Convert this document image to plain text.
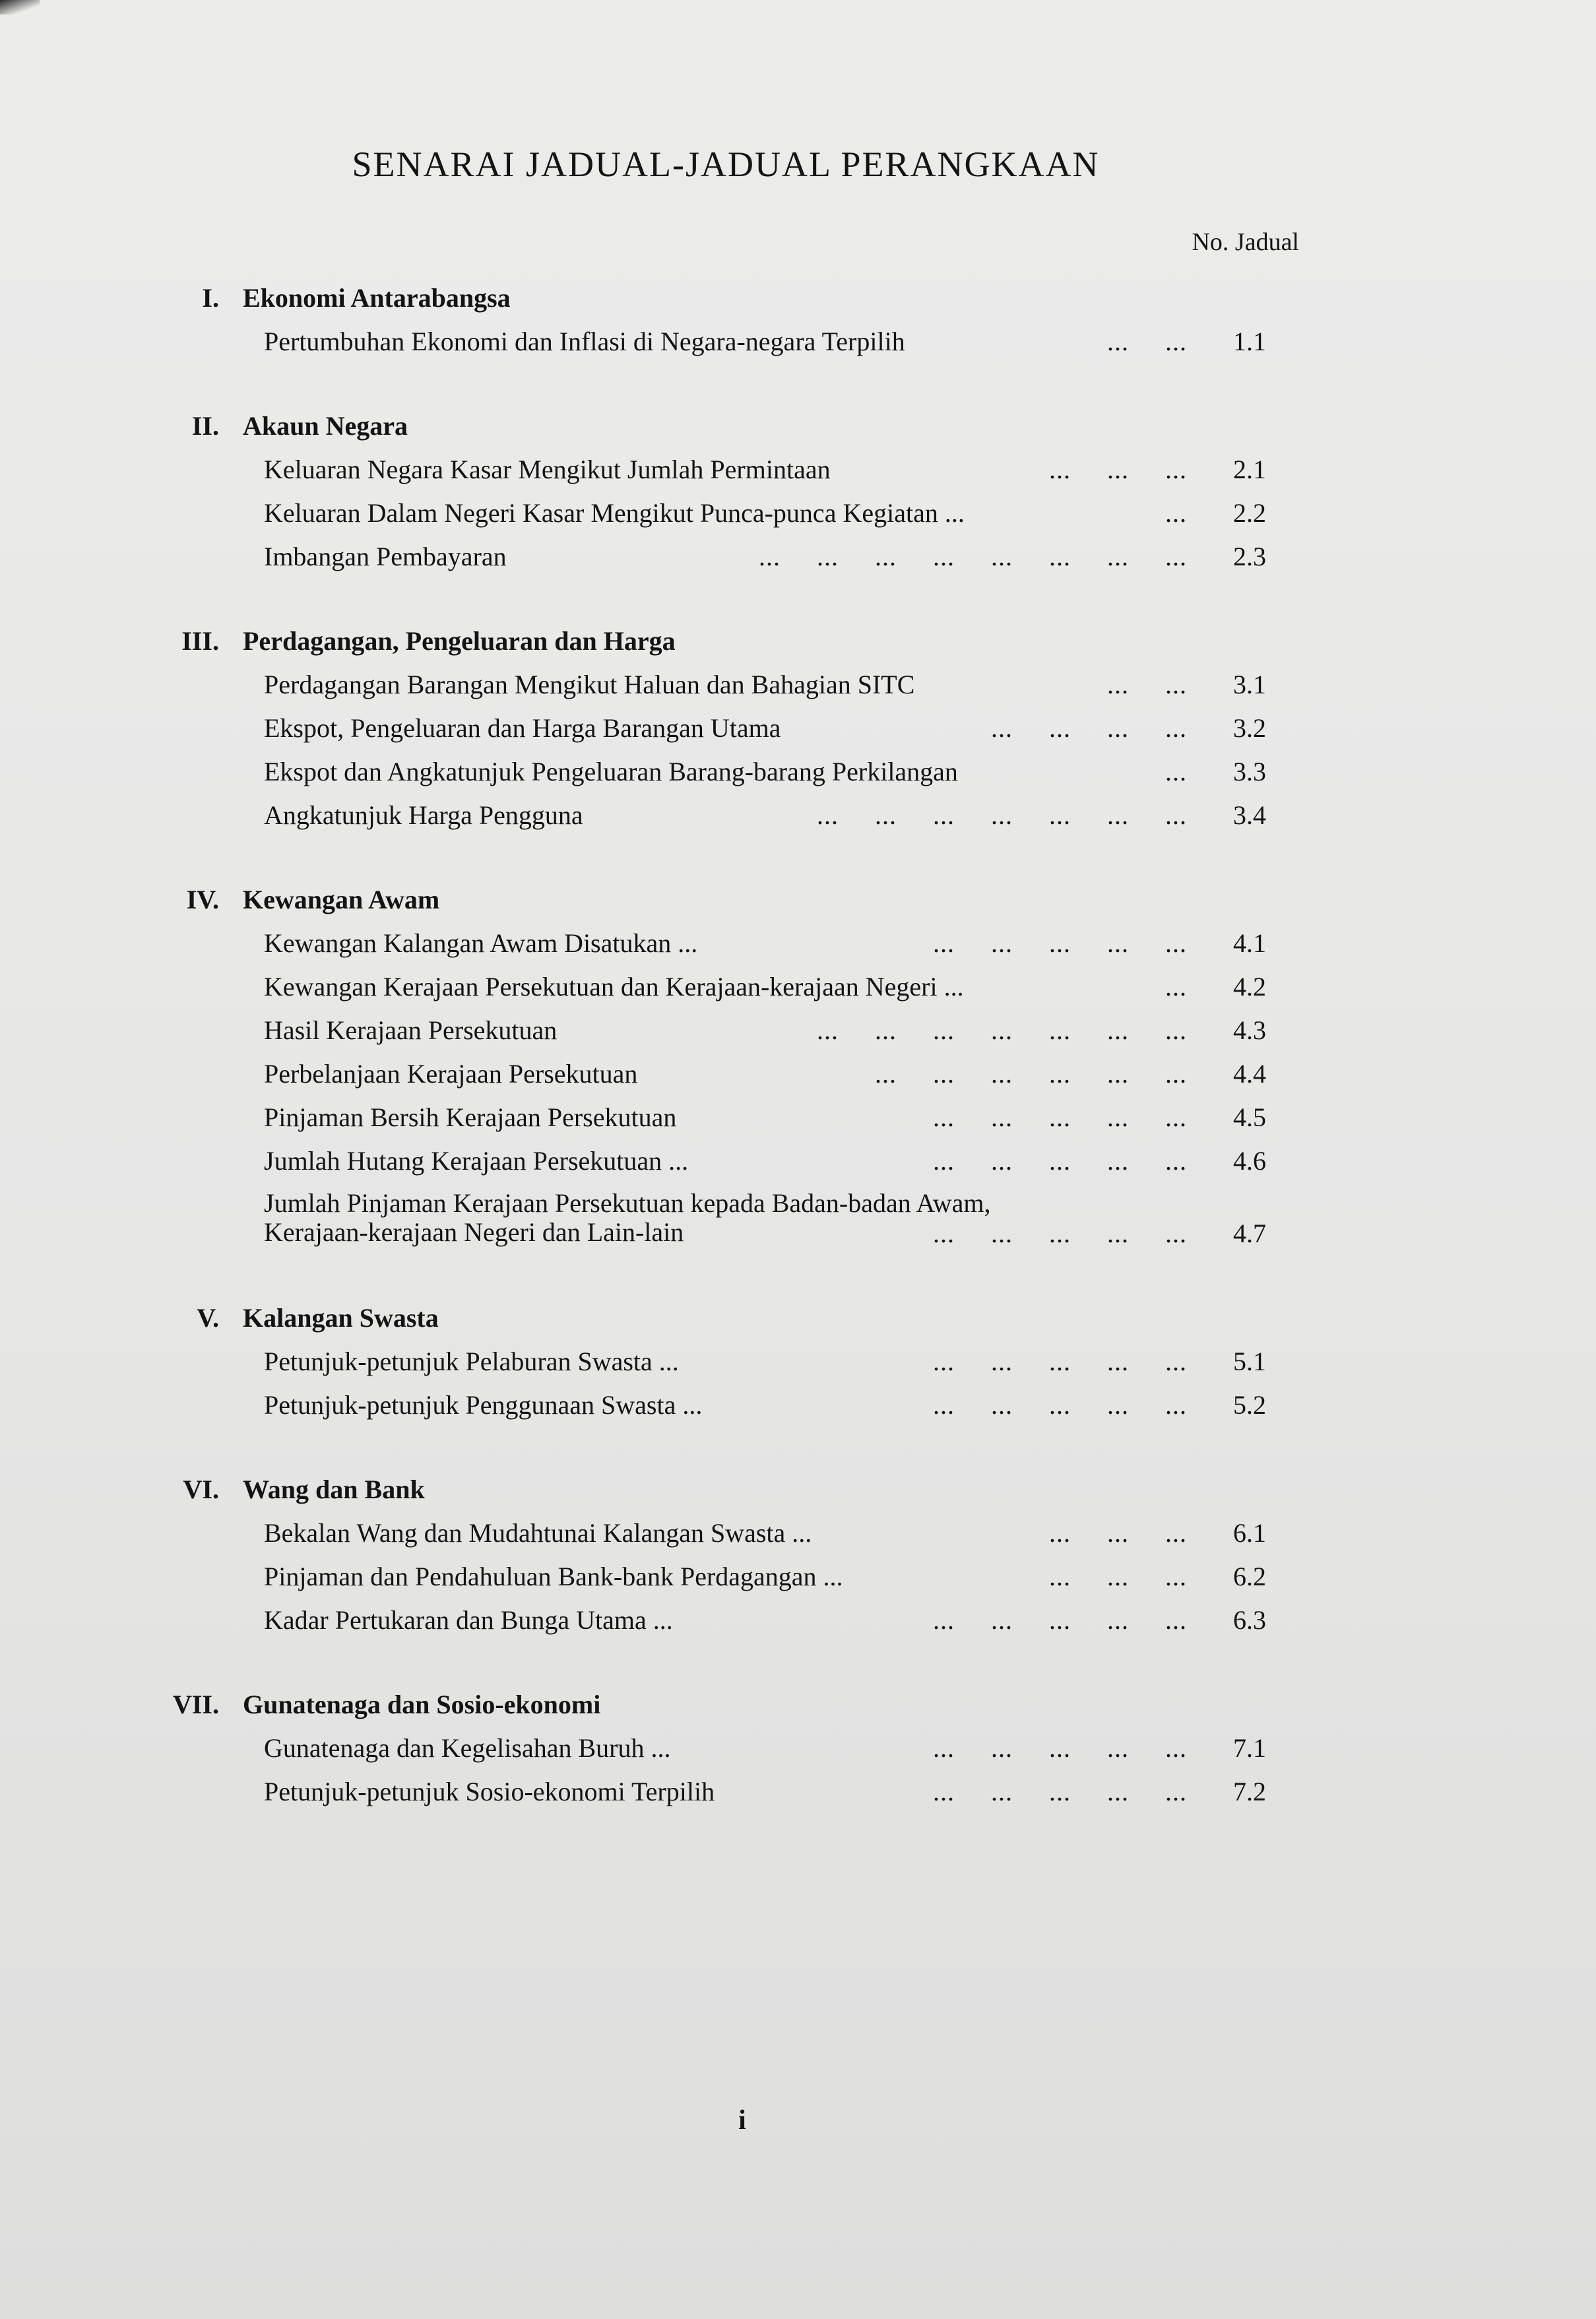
SENARAI JADUAL-JADUAL PERANGKAAN
No. Jadual
I. Ekonomi Antarabangsa
Pertumbuhan Ekonomi dan Inflasi di Negara-negara Terpilih	...     ...	1.1
II. Akaun Negara
Keluaran Negara Kasar Mengikut Jumlah Permintaan	...     ...     ...	2.1
Keluaran Dalam Negeri Kasar Mengikut Punca-punca Kegiatan ...	...	2.2
Imbangan Pembayaran	...     ...     ...     ...     ...     ...     ...     ...	2.3
III. Perdagangan, Pengeluaran dan Harga
Perdagangan Barangan Mengikut Haluan dan Bahagian SITC	...     ...	3.1
Ekspot, Pengeluaran dan Harga Barangan Utama	...     ...     ...     ...	3.2
Ekspot dan Angkatunjuk Pengeluaran Barang-barang Perkilangan	...	3.3
Angkatunjuk Harga Pengguna	...     ...     ...     ...     ...     ...     ...	3.4
IV. Kewangan Awam
Kewangan Kalangan Awam Disatukan ...	...     ...     ...     ...     ...	4.1
Kewangan Kerajaan Persekutuan dan Kerajaan-kerajaan Negeri ...	...	4.2
Hasil Kerajaan Persekutuan	...     ...     ...     ...     ...     ...     ...	4.3
Perbelanjaan Kerajaan Persekutuan	...     ...     ...     ...     ...     ...	4.4
Pinjaman Bersih Kerajaan Persekutuan	...     ...     ...     ...     ...	4.5
Jumlah Hutang Kerajaan Persekutuan ...	...     ...     ...     ...     ...	4.6
Jumlah Pinjaman Kerajaan Persekutuan kepada Badan-badan Awam,
Kerajaan-kerajaan Negeri dan Lain-lain	...     ...     ...     ...     ...	4.7
V. Kalangan Swasta
Petunjuk-petunjuk Pelaburan Swasta ...	...     ...     ...     ...     ...	5.1
Petunjuk-petunjuk Penggunaan Swasta ...	...     ...     ...     ...     ...	5.2
VI. Wang dan Bank
Bekalan Wang dan Mudahtunai Kalangan Swasta ...	...     ...     ...	6.1
Pinjaman dan Pendahuluan Bank-bank Perdagangan ...	...     ...     ...	6.2
Kadar Pertukaran dan Bunga Utama ...	...     ...     ...     ...     ...	6.3
VII. Gunatenaga dan Sosio-ekonomi
Gunatenaga dan Kegelisahan Buruh ...	...     ...     ...     ...     ...	7.1
Petunjuk-petunjuk Sosio-ekonomi Terpilih	...     ...     ...     ...     ...	7.2
i
